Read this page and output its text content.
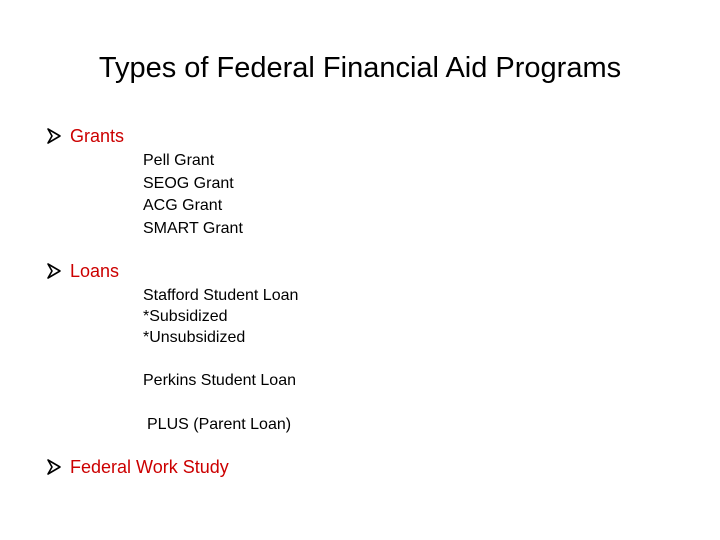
Types of Federal Financial Aid Programs
Grants
Pell Grant
SEOG Grant
ACG Grant
SMART Grant
Loans
Stafford Student Loan
*Subsidized
*Unsubsidized
Perkins Student Loan
PLUS (Parent Loan)
Federal Work Study
